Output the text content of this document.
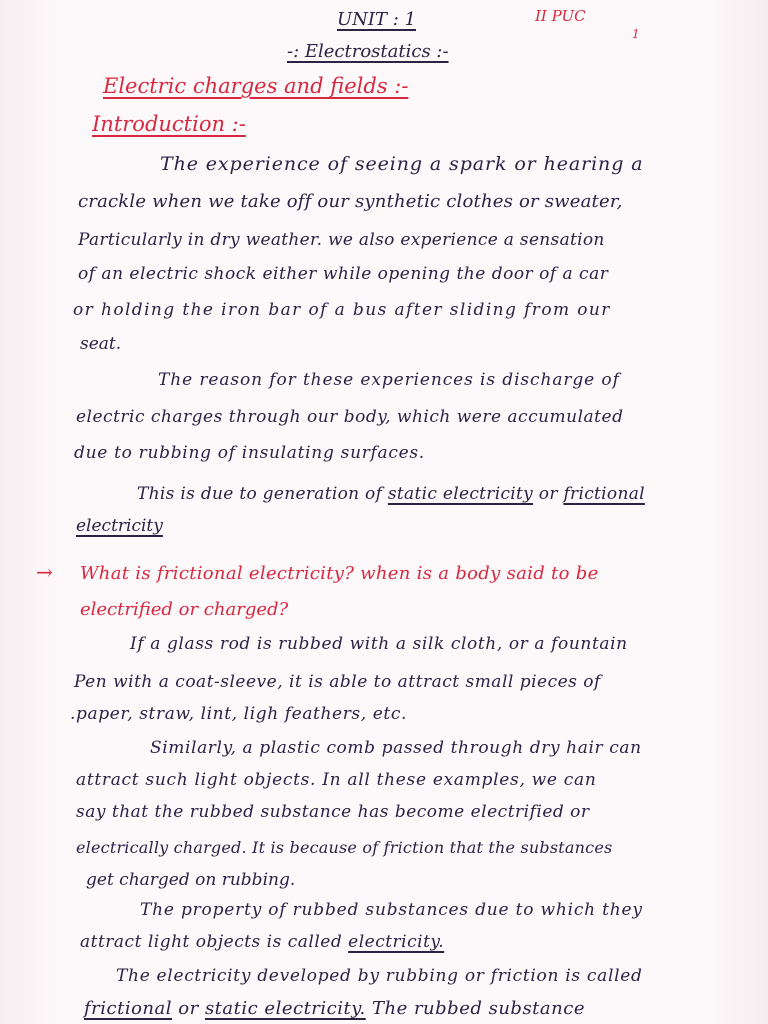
UNIT : 1	II PUC
1
-: Electrostatics :-
Electric charges and fields :-
Introduction :-
The experience of seeing a spark or hearing a
crackle when we take off our synthetic clothes or sweater,
Particularly in dry weather. we also experience a sensation
of an electric shock either while opening the door of a car
or holding the iron bar of a bus after sliding from our
seat.
The reason for these experiences is discharge of
electric charges through our body, which were accumulated
due to rubbing of insulating surfaces.
This is due to generation of static electricity or frictional
electricity
→ What is frictional electricity? when is a body said to be
electrified or charged?
If a glass rod is rubbed with a silk cloth, or a fountain
Pen with a coat-sleeve, it is able to attract small pieces of
.paper, straw, lint, ligh feathers, etc.
Similarly, a plastic comb passed through dry hair can
attract such light objects. In all these examples, we can
say that the rubbed substance has become electrified or
electrically charged. It is because of friction that the substances
get charged on rubbing.
The property of rubbed substances due to which they
attract light objects is called electricity.
The electricity developed by rubbing or friction is called
frictional or static electricity. The rubbed substance
